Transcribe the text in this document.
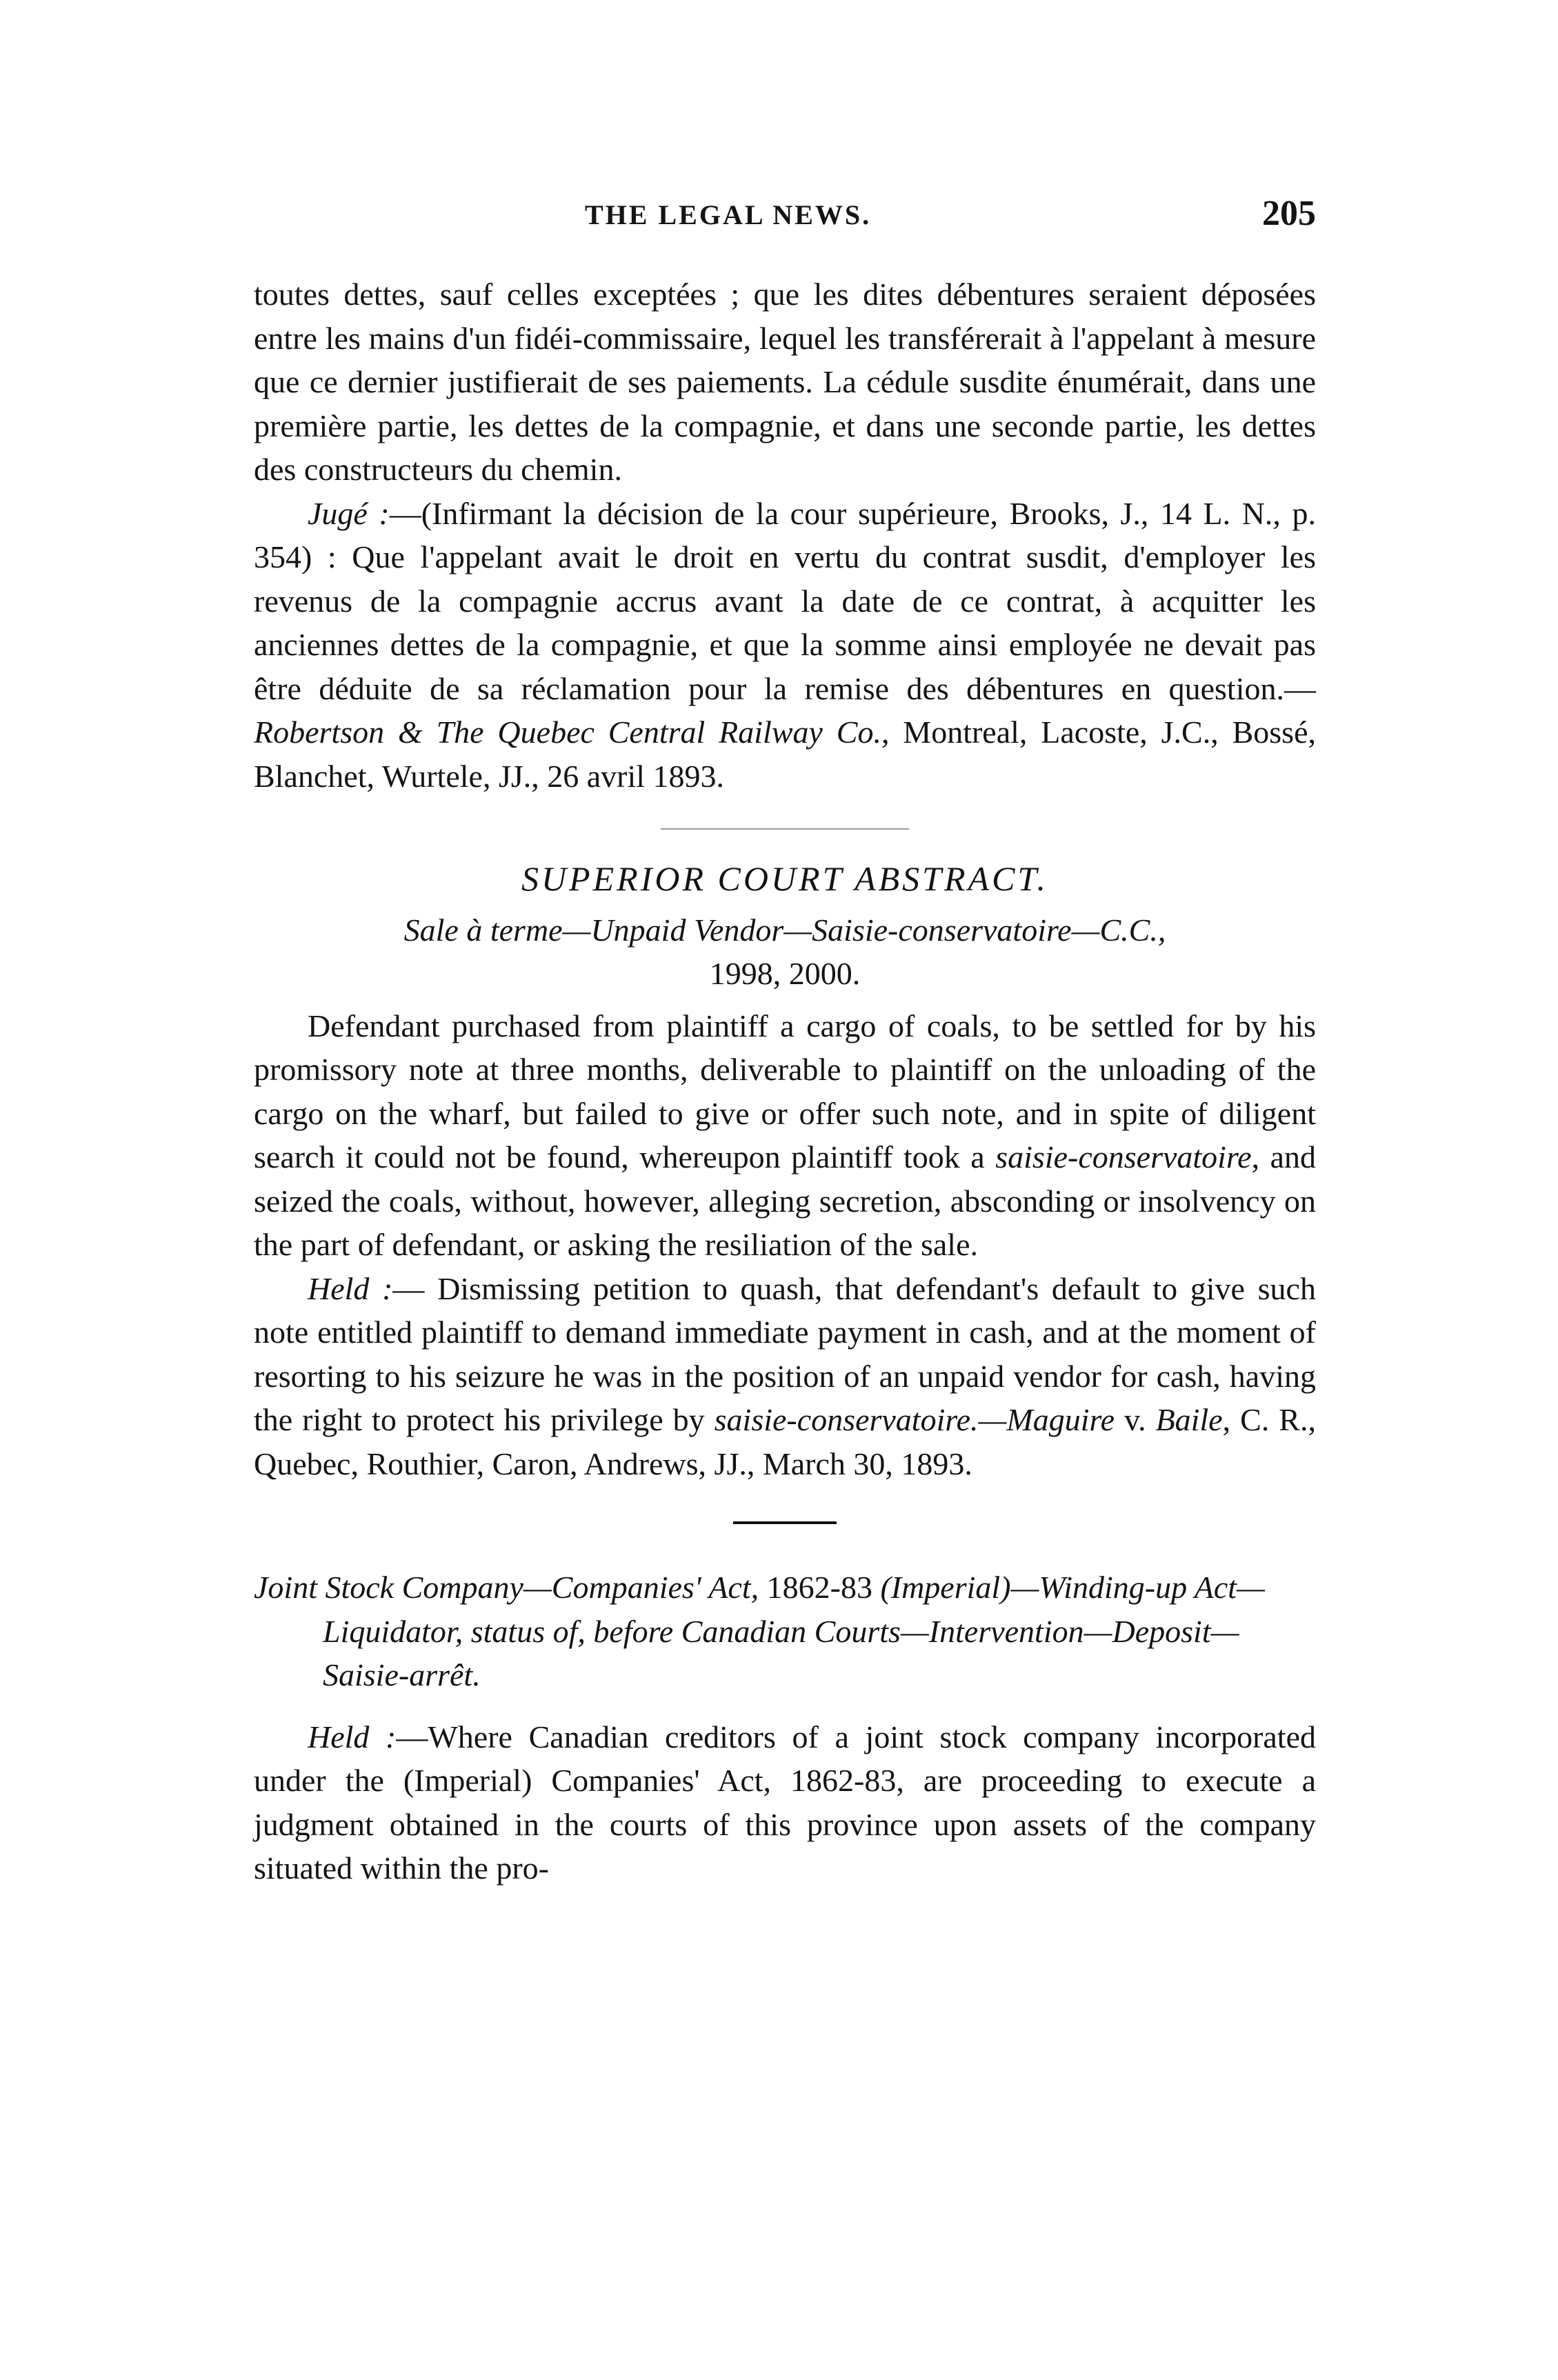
THE LEGAL NEWS.	205

toutes dettes, sauf celles exceptées ; que les dites débentures seraient déposées entre les mains d'un fidéi-commissaire, lequel les transférerait à l'appelant à mesure que ce dernier justifierait de ses paiements. La cédule susdite énumérait, dans une première partie, les dettes de la compagnie, et dans une seconde partie, les dettes des constructeurs du chemin.

Jugé :—(Infirmant la décision de la cour supérieure, Brooks, J., 14 L. N., p. 354) : Que l'appelant avait le droit en vertu du contrat susdit, d'employer les revenus de la compagnie accrus avant la date de ce contrat, à acquitter les anciennes dettes de la compagnie, et que la somme ainsi employée ne devait pas être déduite de sa réclamation pour la remise des débentures en question.—Robertson & The Quebec Central Railway Co., Montreal, Lacoste, J.C., Bossé, Blanchet, Wurtele, JJ., 26 avril 1893.

SUPERIOR COURT ABSTRACT.

Sale à terme—Unpaid Vendor—Saisie-conservatoire—C.C.,
1998, 2000.

Defendant purchased from plaintiff a cargo of coals, to be settled for by his promissory note at three months, deliverable to plaintiff on the unloading of the cargo on the wharf, but failed to give or offer such note, and in spite of diligent search it could not be found, whereupon plaintiff took a saisie-conservatoire, and seized the coals, without, however, alleging secretion, absconding or insolvency on the part of defendant, or asking the resiliation of the sale.

Held :— Dismissing petition to quash, that defendant's default to give such note entitled plaintiff to demand immediate payment in cash, and at the moment of resorting to his seizure he was in the position of an unpaid vendor for cash, having the right to protect his privilege by saisie-conservatoire.—Maguire v. Baile, C. R., Quebec, Routhier, Caron, Andrews, JJ., March 30, 1893.

Joint Stock Company—Companies' Act, 1862-83 (Imperial)—Winding-up Act—Liquidator, status of, before Canadian Courts—Intervention—Deposit—Saisie-arrêt.

Held :—Where Canadian creditors of a joint stock company incorporated under the (Imperial) Companies' Act, 1862-83, are proceeding to execute a judgment obtained in the courts of this province upon assets of the company situated within the pro-
